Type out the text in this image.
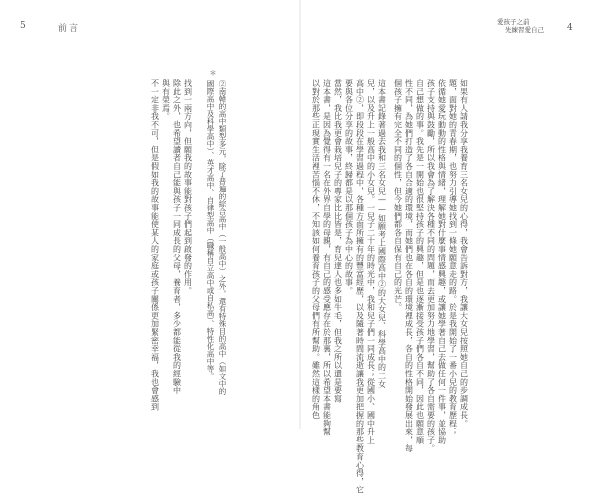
5	前言
＊
②南韓的高中類型多元，除了普遍的綜合高中（一般高中）之外，還有特殊目的高中（如文中的
國際高中及科學高中）、英才高中、自律型高中（職稱自立高中或自私高）、特性化高中等。
找到一兩方向，但願我的故事能對孩子們起到啟發的作用。
除此之外，也希望讀者自己能與孩子一同成長的父母，養育者，多少都能從我的經驗中
與有榮焉。
不一定非我不可，但是假如我的故事能使某人的家庭或孩子關係更加緊密幸福，我也會感到
4
愛孩子之前
先練習愛自己
以對於那些正現實生活裡苦惱不休，不知該如何養育孩子的父母們有所幫助。雖然這樣的角色 這本書，是因為覺得有一名在外界自學的母親，有自己的感受應存在於那裏，所以希望本書能夠幫 當然，我比我更會栽培兒子的專家比比皆是，育兒達人也多如牛毛，但我之所以還是要寫 要與各位分享的故事，終歸都是以那個孩子為中心的故事。 高中②，即段段在學習過程中，各種方面所擁有的豐富經歷，以及隨著時間流逝讓我更加把握的那些教育心得，它 兒，以及升上一般高中的小女兒。一兒子二十年的時光中，我和兒子們一同成長；從國小、國中升上 這本書記錄著過去我和三名女兒——如願考上國際高中②的大女兒、科學高中的二女 個孩子擁有完全不同的個性，但今她們都各自保有自己的光芒。 性不同，為她們打造了各自合適的環境，而她們也在各自的環境裡成長，各自的性格開始發展出來，每 自己想做的事。我先是一開始也很堅持孩子的興趣，但是也逐漸接受孩子們各自不同，因此也願意順 孩子支持與鼓勵，所以我會為了解決各種不同的問題，而去更加努力地學習，幫助了各自需要的孩子。 依循她愛玩動動的性格與情緒，理解她對什麼事情感興趣，或讓她學著自己去做任何一件事，並協助 題，面對她的青春期，也努力引導她找到一條她願意走的路。於是我開始了一番小兒的教育歷程； 如果有人請我分享我養育三名女兒的心得，我會告訴對方，我讓大女兒按照她自己的步調成長。
